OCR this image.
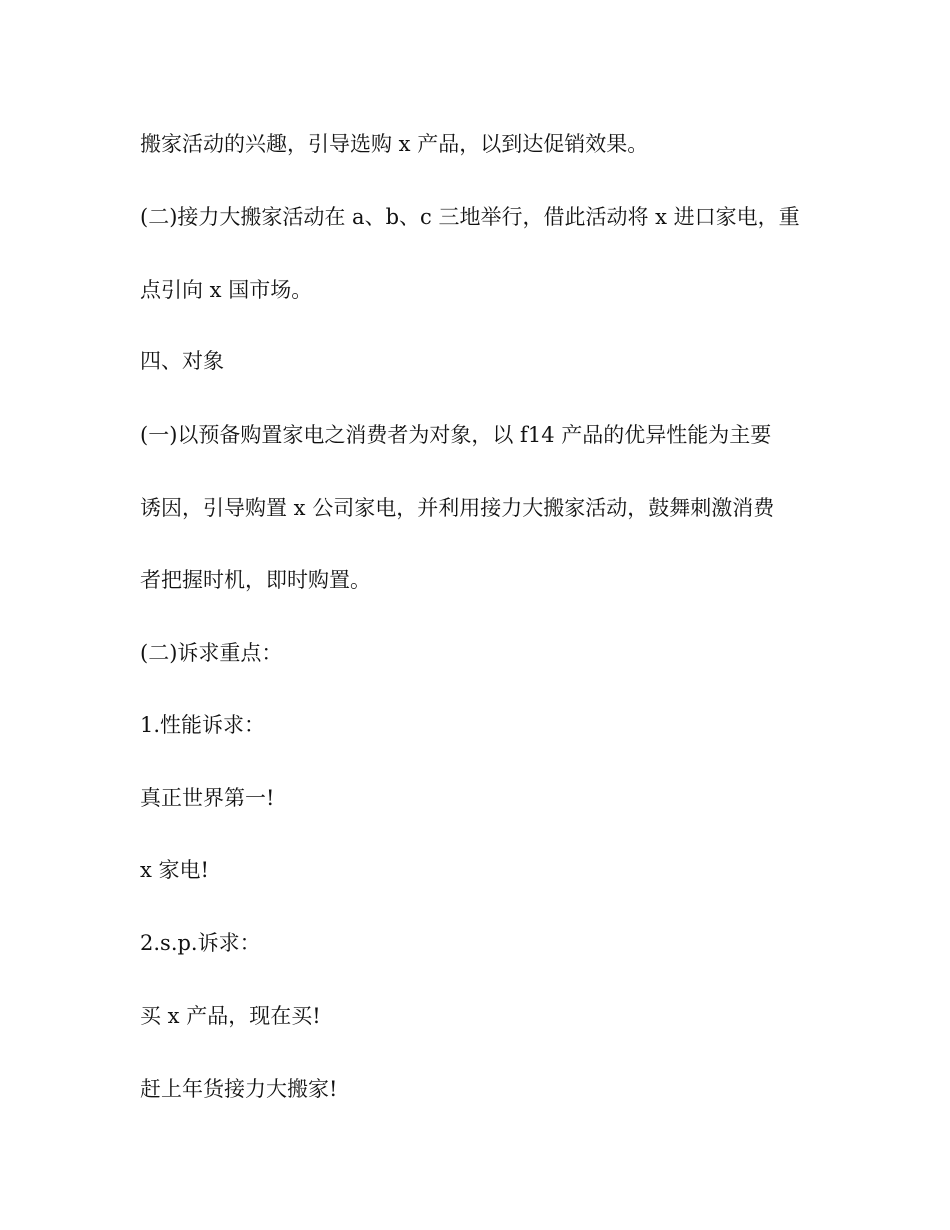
搬家活动的兴趣，引导选购 x 产品，以到达促销效果。

(二)接力大搬家活动在 a、b、c 三地举行，借此活动将 x 进口家电，重

点引向 x 国市场。

四、对象

(一)以预备购置家电之消费者为对象，以 f14 产品的优异性能为主要

诱因，引导购置 x 公司家电，并利用接力大搬家活动，鼓舞刺激消费

者把握时机，即时购置。

(二)诉求重点：

1.性能诉求：

真正世界第一!

x 家电!

2.s.p.诉求：

买 x 产品，现在买!

赶上年货接力大搬家!
